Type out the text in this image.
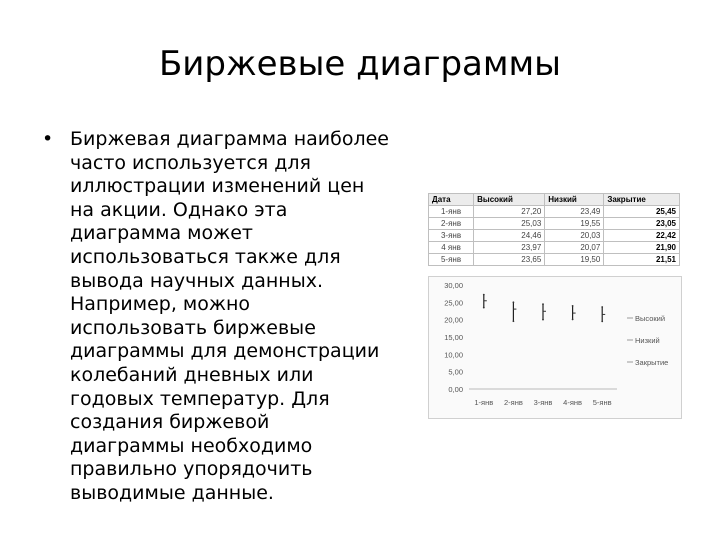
Биржевые диаграммы
• Биржевая диаграмма наиболее
часто используется для
иллюстрации изменений цен
на акции. Однако эта
диаграмма может
использоваться также для
вывода научных данных.
Например, можно
использовать биржевые
диаграммы для демонстрации
колебаний дневных или
годовых температур. Для
создания биржевой
диаграммы необходимо
правильно упорядочить
выводимые данные.
Дата	Высокий	Низкий	Закрытие
1-янв	27,20	23,49	25,45
2-янв	25,03	19,55	23,05
3-янв	24,46	20,03	22,42
4 янв	23,97	20,07	21,90
5-янв	23,65	19,50	21,51
0,00
5,00
10,00
15,00
20,00
25,00
30,00
1-янв 2-янв 3-янв 4-янв 5-янв
Высокий
Низкий
Закрытие
